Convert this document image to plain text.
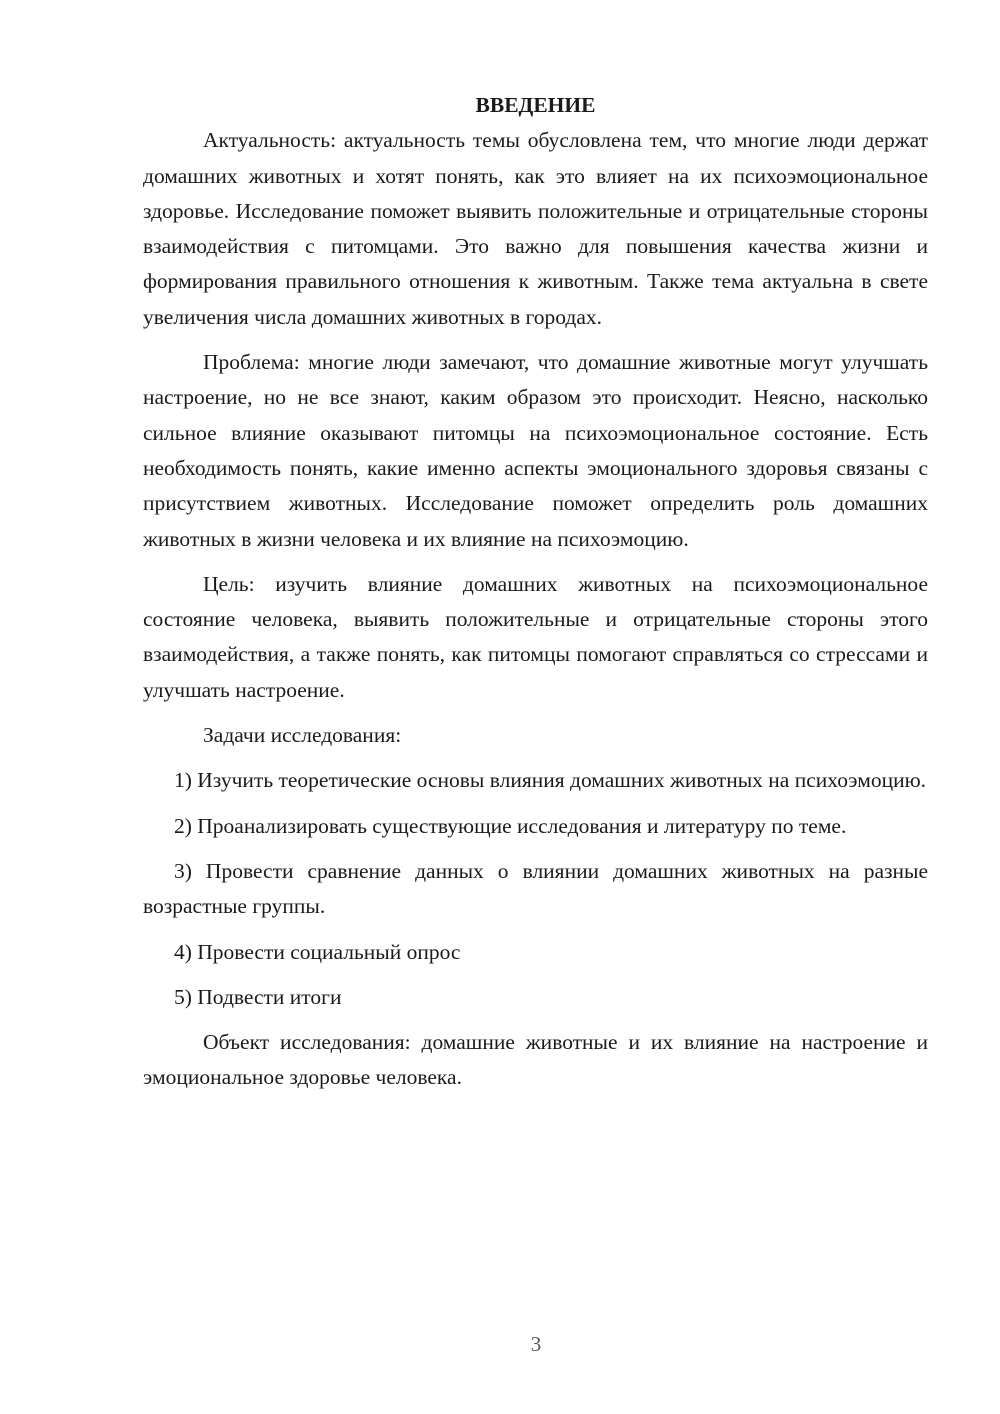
ВВЕДЕНИЕ

Актуальность: актуальность темы обусловлена тем, что многие люди держат домашних животных и хотят понять, как это влияет на их психоэмоциональное здоровье. Исследование поможет выявить положительные и отрицательные стороны взаимодействия с питомцами. Это важно для повышения качества жизни и формирования правильного отношения к животным. Также тема актуальна в свете увеличения числа домашних животных в городах.

Проблема: многие люди замечают, что домашние животные могут улучшать настроение, но не все знают, каким образом это происходит. Неясно, насколько сильное влияние оказывают питомцы на психоэмоциональное состояние. Есть необходимость понять, какие именно аспекты эмоционального здоровья связаны с присутствием животных. Исследование поможет определить роль домашних животных в жизни человека и их влияние на психоэмоцию.

Цель: изучить влияние домашних животных на психоэмоциональное состояние человека, выявить положительные и отрицательные стороны этого взаимодействия, а также понять, как питомцы помогают справляться со стрессами и улучшать настроение.

Задачи исследования:

1) Изучить теоретические основы влияния домашних животных на психоэмоцию.

2) Проанализировать существующие исследования и литературу по теме.

3) Провести сравнение данных о влиянии домашних животных на разные возрастные группы.

4) Провести социальный опрос

5) Подвести итоги

Объект исследования: домашние животные и их влияние на настроение и эмоциональное здоровье человека.

3
